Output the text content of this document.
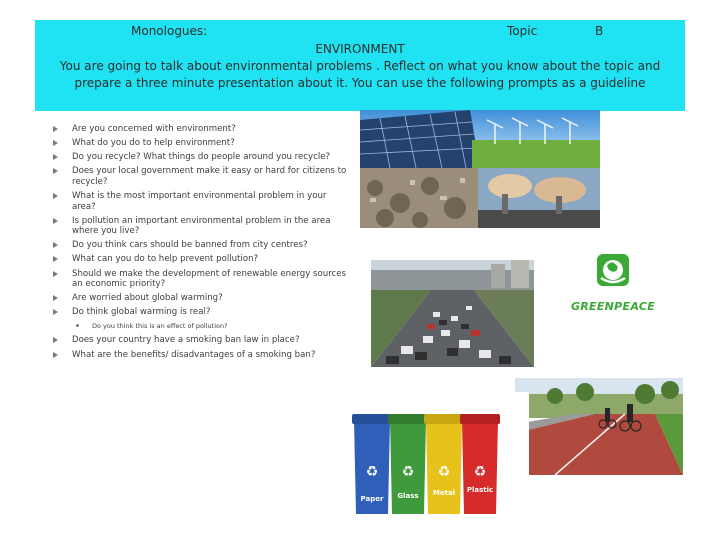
Monologues:	Topic	B
ENVIRONMENT
You are going to talk about environmental problems . Reflect on what you know about the topic and
prepare a three minute presentation about it. You can use the following prompts as a guideline
Are you concerned with environment?
What do you do to help environment?
Do you recycle? What things do people around you recycle?
Does your local government make it easy or hard for citizens to recycle?
What is the most important environmental problem in your area?
Is pollution an important environmental problem in the area where you live?
Do you think cars should be banned from city centres?
What can you do to help prevent pollution?
Should we make the development of renewable energy sources an economic priority?
Are worried about global warming?
Do think global warming is real?
Do you think this is an effect of pollution?
Does your country have a smoking ban law in place?
What are the benefits/ disadvantages of a smoking ban?
GREENPEACE
♻ ♻ ♻ ♻
Paper	Glass	Metal	Plastic
